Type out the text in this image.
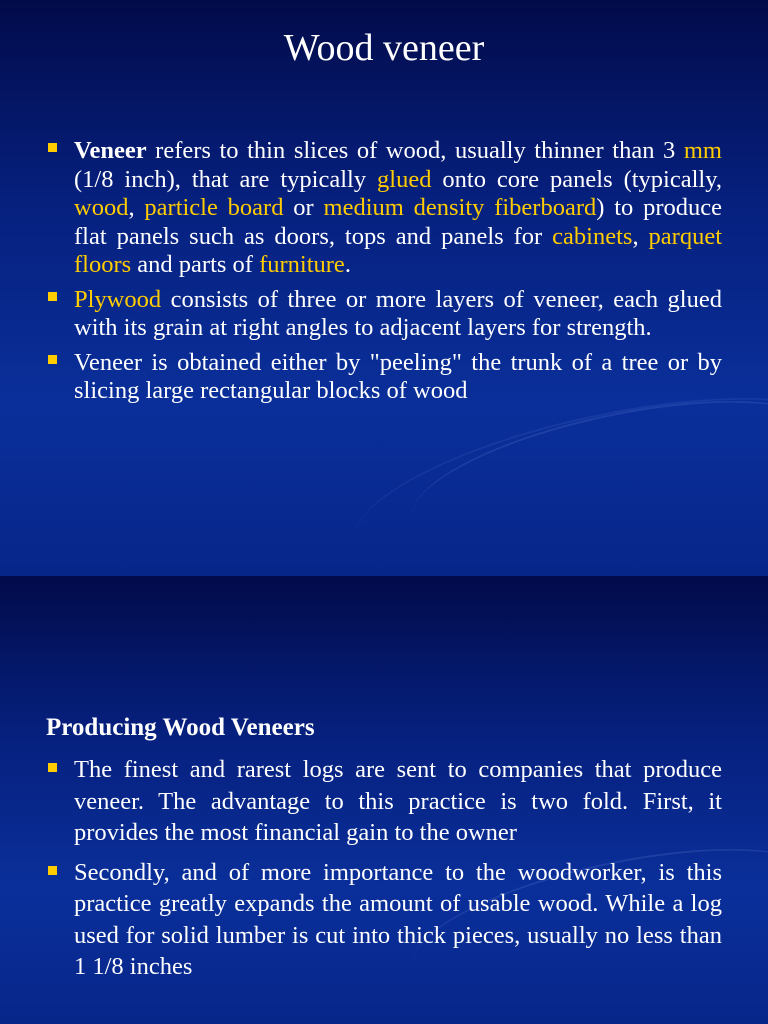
Wood veneer
Veneer refers to thin slices of wood, usually thinner than 3 mm (1/8 inch), that are typically glued onto core panels (typically, wood, particle board or medium density fiberboard) to produce flat panels such as doors, tops and panels for cabinets, parquet floors and parts of furniture.
Plywood consists of three or more layers of veneer, each glued with its grain at right angles to adjacent layers for strength.
Veneer is obtained either by "peeling" the trunk of a tree or by slicing large rectangular blocks of wood
Producing Wood Veneers
The finest and rarest logs are sent to companies that produce veneer. The advantage to this practice is two fold. First, it provides the most financial gain to the owner
Secondly, and of more importance to the woodworker, is this practice greatly expands the amount of usable wood. While a log used for solid lumber is cut into thick pieces, usually no less than 1 1/8 inches
